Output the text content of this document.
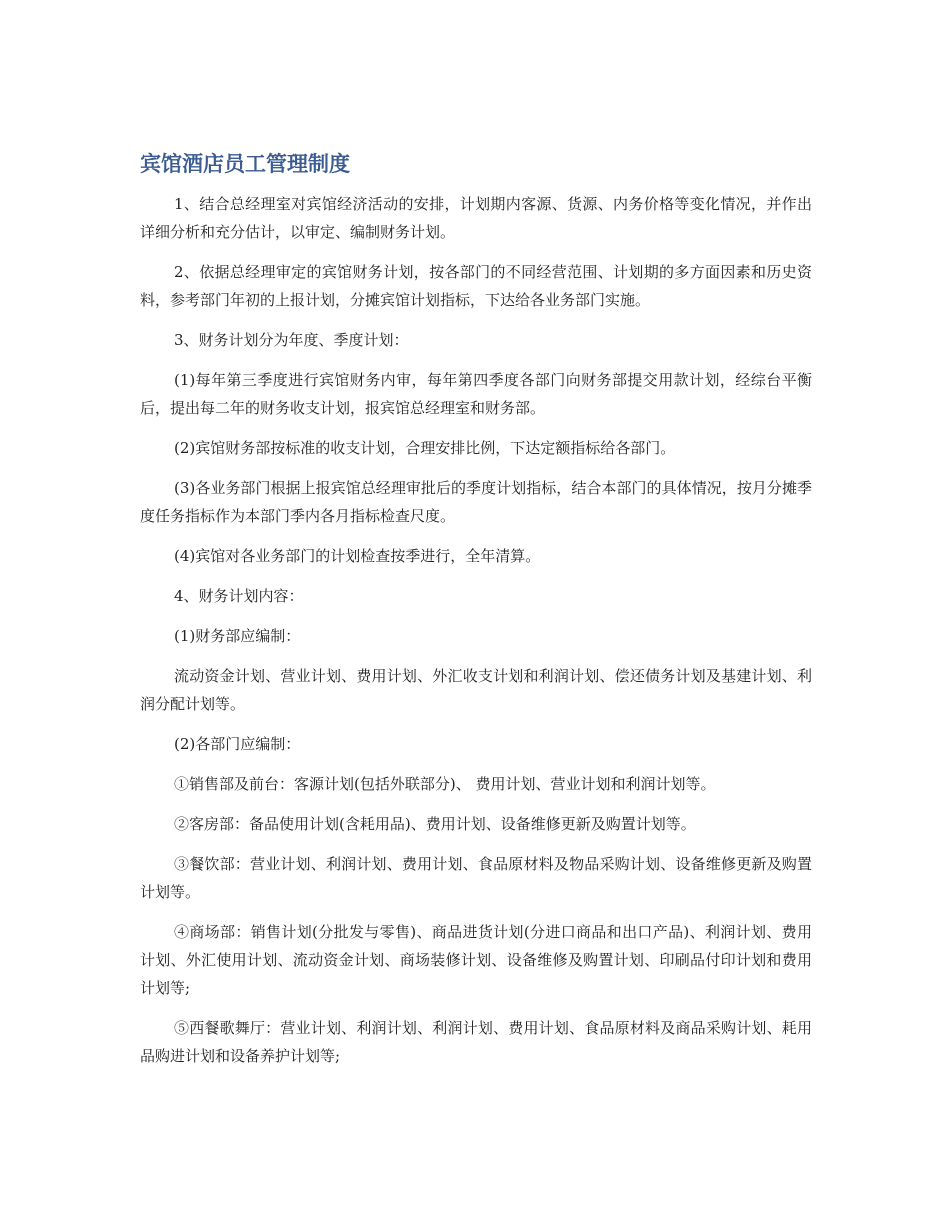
宾馆酒店员工管理制度

1、结合总经理室对宾馆经济活动的安排，计划期内客源、货源、内务价格等变化情况，并作出详细分析和充分估计，以审定、编制财务计划。

2、依据总经理审定的宾馆财务计划，按各部门的不同经营范围、计划期的多方面因素和历史资料，参考部门年初的上报计划，分摊宾馆计划指标，下达给各业务部门实施。

3、财务计划分为年度、季度计划：

(1)每年第三季度进行宾馆财务内审，每年第四季度各部门向财务部提交用款计划，经综台平衡后，提出每二年的财务收支计划，报宾馆总经理室和财务部。

(2)宾馆财务部按标准的收支计划，合理安排比例，下达定额指标给各部门。

(3)各业务部门根据上报宾馆总经理审批后的季度计划指标，结合本部门的具体情况，按月分摊季度任务指标作为本部门季内各月指标检查尺度。

(4)宾馆对各业务部门的计划检查按季进行，全年清算。

4、财务计划内容：

(1)财务部应编制：

流动资金计划、营业计划、费用计划、外汇收支计划和利润计划、偿还债务计划及基建计划、利润分配计划等。

(2)各部门应编制：

①销售部及前台：客源计划(包括外联部分)、 费用计划、营业计划和利润计划等。

②客房部：备品使用计划(含耗用品)、费用计划、设备维修更新及购置计划等。

③餐饮部：营业计划、利润计划、费用计划、食品原材料及物品采购计划、设备维修更新及购置计划等。

④商场部：销售计划(分批发与零售)、商品进货计划(分进口商品和出口产品)、利润计划、费用计划、外汇使用计划、流动资金计划、商场装修计划、设备维修及购置计划、印刷品付印计划和费用计划等;

⑤西餐歌舞厅：营业计划、利润计划、利润计划、费用计划、食品原材料及商品采购计划、耗用品购进计划和设备养护计划等;
